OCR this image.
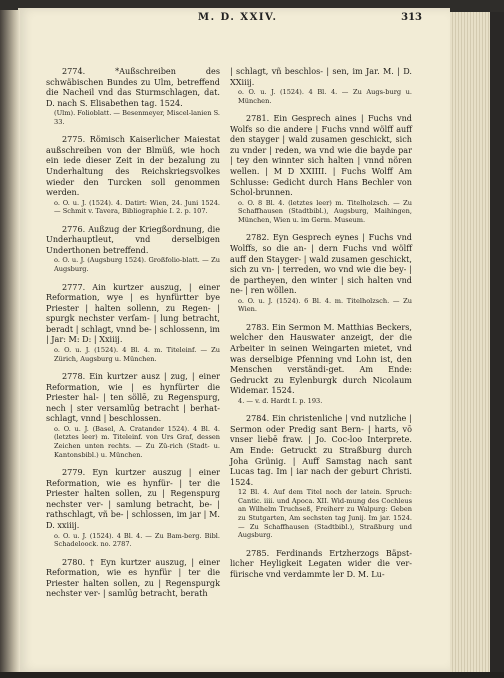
M. D. XXIV.	313

2774. *Außschreiben des schwäbischen Bundes zu Ulm, betreffend die Nacheil vnd das Sturmschlagen, dat. D. nach S. Elisabethen tag. 1524.

(Ulm). Folioblatt. — Besenmeyer, Miscel-lanien S. 33.

2775. Römisch Kaiserlicher Maiestat außschreiben von der Blmüß, wie hoch ein iede dieser Zeit in der bezalung zu Underhaltung des Reichskriegsvolkes wieder den Turcken soll genommen werden.

o. O. u. J. (1524). 4. Datirt: Wien, 24. Juni 1524. — Schmit v. Tavera, Bibliographie I. 2. p. 107.

2776. Außzug der Kriegßordnung, die Underhauptleut, vnd derselbigen Underthonen betreffend.

o. O. u. J. (Augsburg 1524). Großfolio-blatt. — Zu Augsburg.

2777. Ain kurtzer auszug, | einer Reformation, wye | es hynfürtter bye Priester | halten sollenn, zu Regen- | spurgk nechster verſam- | lung betracht, beradt | schlagt, vnnd be- | schlossenn, im | Jar: M: D: | Xxiiij.

o. O. u. J. (1524). 4 Bl. 4. m. Titeleinf. — Zu Zürich, Augsburg u. München.

2778. Ein kurtzer ausz | zug, | einer Reformation, wie | es hynfürter die Priester hal- | ten söllē, zu Regenspurg, nech | ster versamlūg betracht | berhat-schlagt, vnnd | beschlossen.

o. O. u. J. (Basel, A. Cratander 1524). 4 Bl. 4. (letztes leer) m. Titeleinf. von Urs Graf, dessen Zeichen unten rechts. — Zu Zü-rich (Stadt- u. Kantonsbibl.) u. München.

2779. Eyn kurtzer auszug | einer Reformation, wie es hynfür- | ter die Priester halten sollen, zu | Regenspurg nechster ver- | samlung betracht, be- | rathschlagt, vñ be- | schlossen, im jar | M. D. xxiiij.

o. O. u. J. (1524). 4 Bl. 4. — Zu Bam-berg. Bibl. Schadeloock. no. 2787.

2780. † Eyn kurtzer auszug, | einer Reformation, wie es hynfür | ter die Priester halten sollen, zu | Regenspurgk nechster ver- | samlūg betracht, berath

| schlagt, vñ beschlos- | sen, im Jar. M. | D. XXiiij.

o. O. u. J. (1524). 4 Bl. 4. — Zu Augs-burg u. München.

2781. Ein Gesprech aines | Fuchs vnd Wolfs so die andere | Fuchs vnnd wölff auff den stayger | wald zusamen geschickt, sich zu vnder | reden, wa vnd wie die bayde par | tey den winnter sich halten | vnnd nören wellen. | M D XXIIII. | Fuchs Wolff Am Schlusse: Gedicht durch Hans Bechler von Schol-brunnen.

o. O. 8 Bl. 4. (letztes leer) m. Titelholzsch. — Zu Schaffhausen (Stadtbibl.), Augsburg, Maihingen, München, Wien u. im Germ. Museum.

2782. Eyn Gesprech eynes | Fuchs vnd Wolffs, so die an- | dern Fuchs vnd wölff auff den Stayger- | wald zusamen geschickt, sich zu vn- | terreden, wo vnd wie die bey- | de partheyen, den winter | sich halten vnd ne- | ren wöllen.

o. O. u. J. (1524). 6 Bl. 4. m. Titelholzsch. — Zu Wien.

2783. Ein Sermon M. Matthias Beckers, welcher den Hauswater anzeigt, der die Arbeiter in seinen Weingarten mietet, vnd was derselbige Pfenning vnd Lohn ist, den Menschen verständi-get. Am Ende: Gedruckt zu Eylenburgk durch Nicolaum Widemar. 1524.

4. — v. d. Hardt I. p. 193.

2784. Ein christenliche | vnd nutzliche | Sermon oder Predig sant Bern- | harts, vō vnser liebē fraw. | Jo. Coc-loo Interprete. Am Ende: Getruckt zu Straßburg durch Joha Grünig. | Auff Samstag nach sant Lucas tag. Im | iar nach der geburt Christi. 1524.

12 Bl. 4. Auf dem Titel noch der latein. Spruch: Cantic. iiii. und Apoca. XII. Wid-mung des Cochleus an Wilhelm Truchseß, Freiherr zu Walpurg: Geben zu Stutgarten, Am sechsten tag Junij. Im jar. 1524. — Zu Schaffhausen (Stadtbibl.), Straßburg und Augsburg.

2785. Ferdinands Ertzherzogs Bäpst-licher Heyligkeit Legaten wider die ver-fürische vnd verdammte ler D. M. Lu-
